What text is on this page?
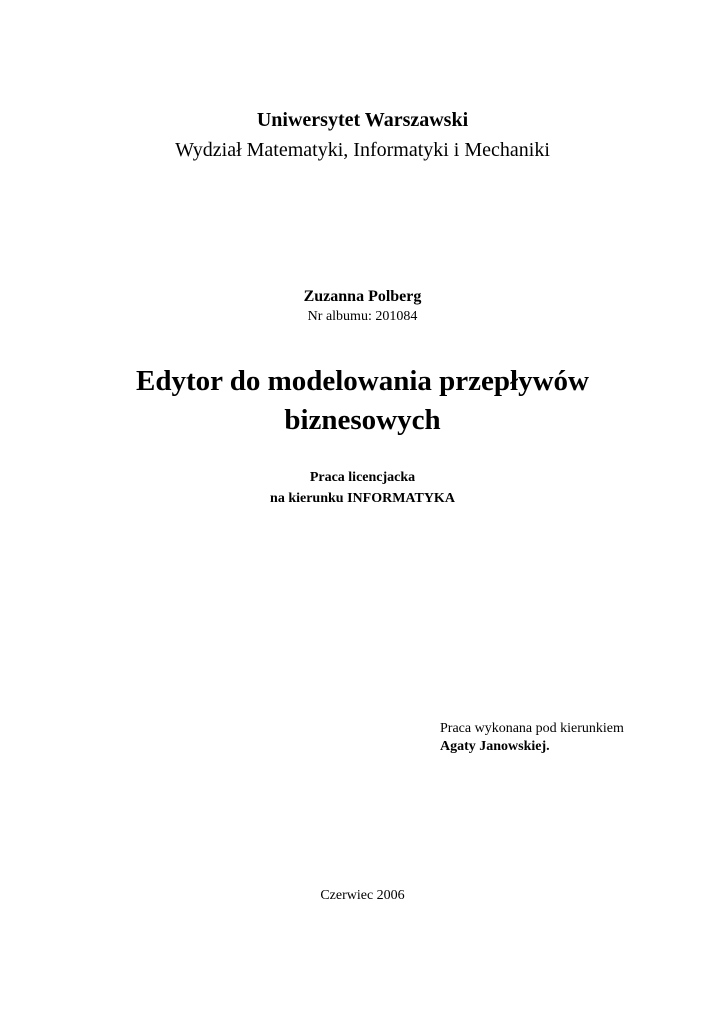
Uniwersytet Warszawski
Wydział Matematyki, Informatyki i Mechaniki
Zuzanna Polberg
Nr albumu: 201084
Edytor do modelowania przepływów
biznesowych
Praca licencjacka
na kierunku INFORMATYKA
Praca wykonana pod kierunkiem
Agaty Janowskiej.
Czerwiec 2006
